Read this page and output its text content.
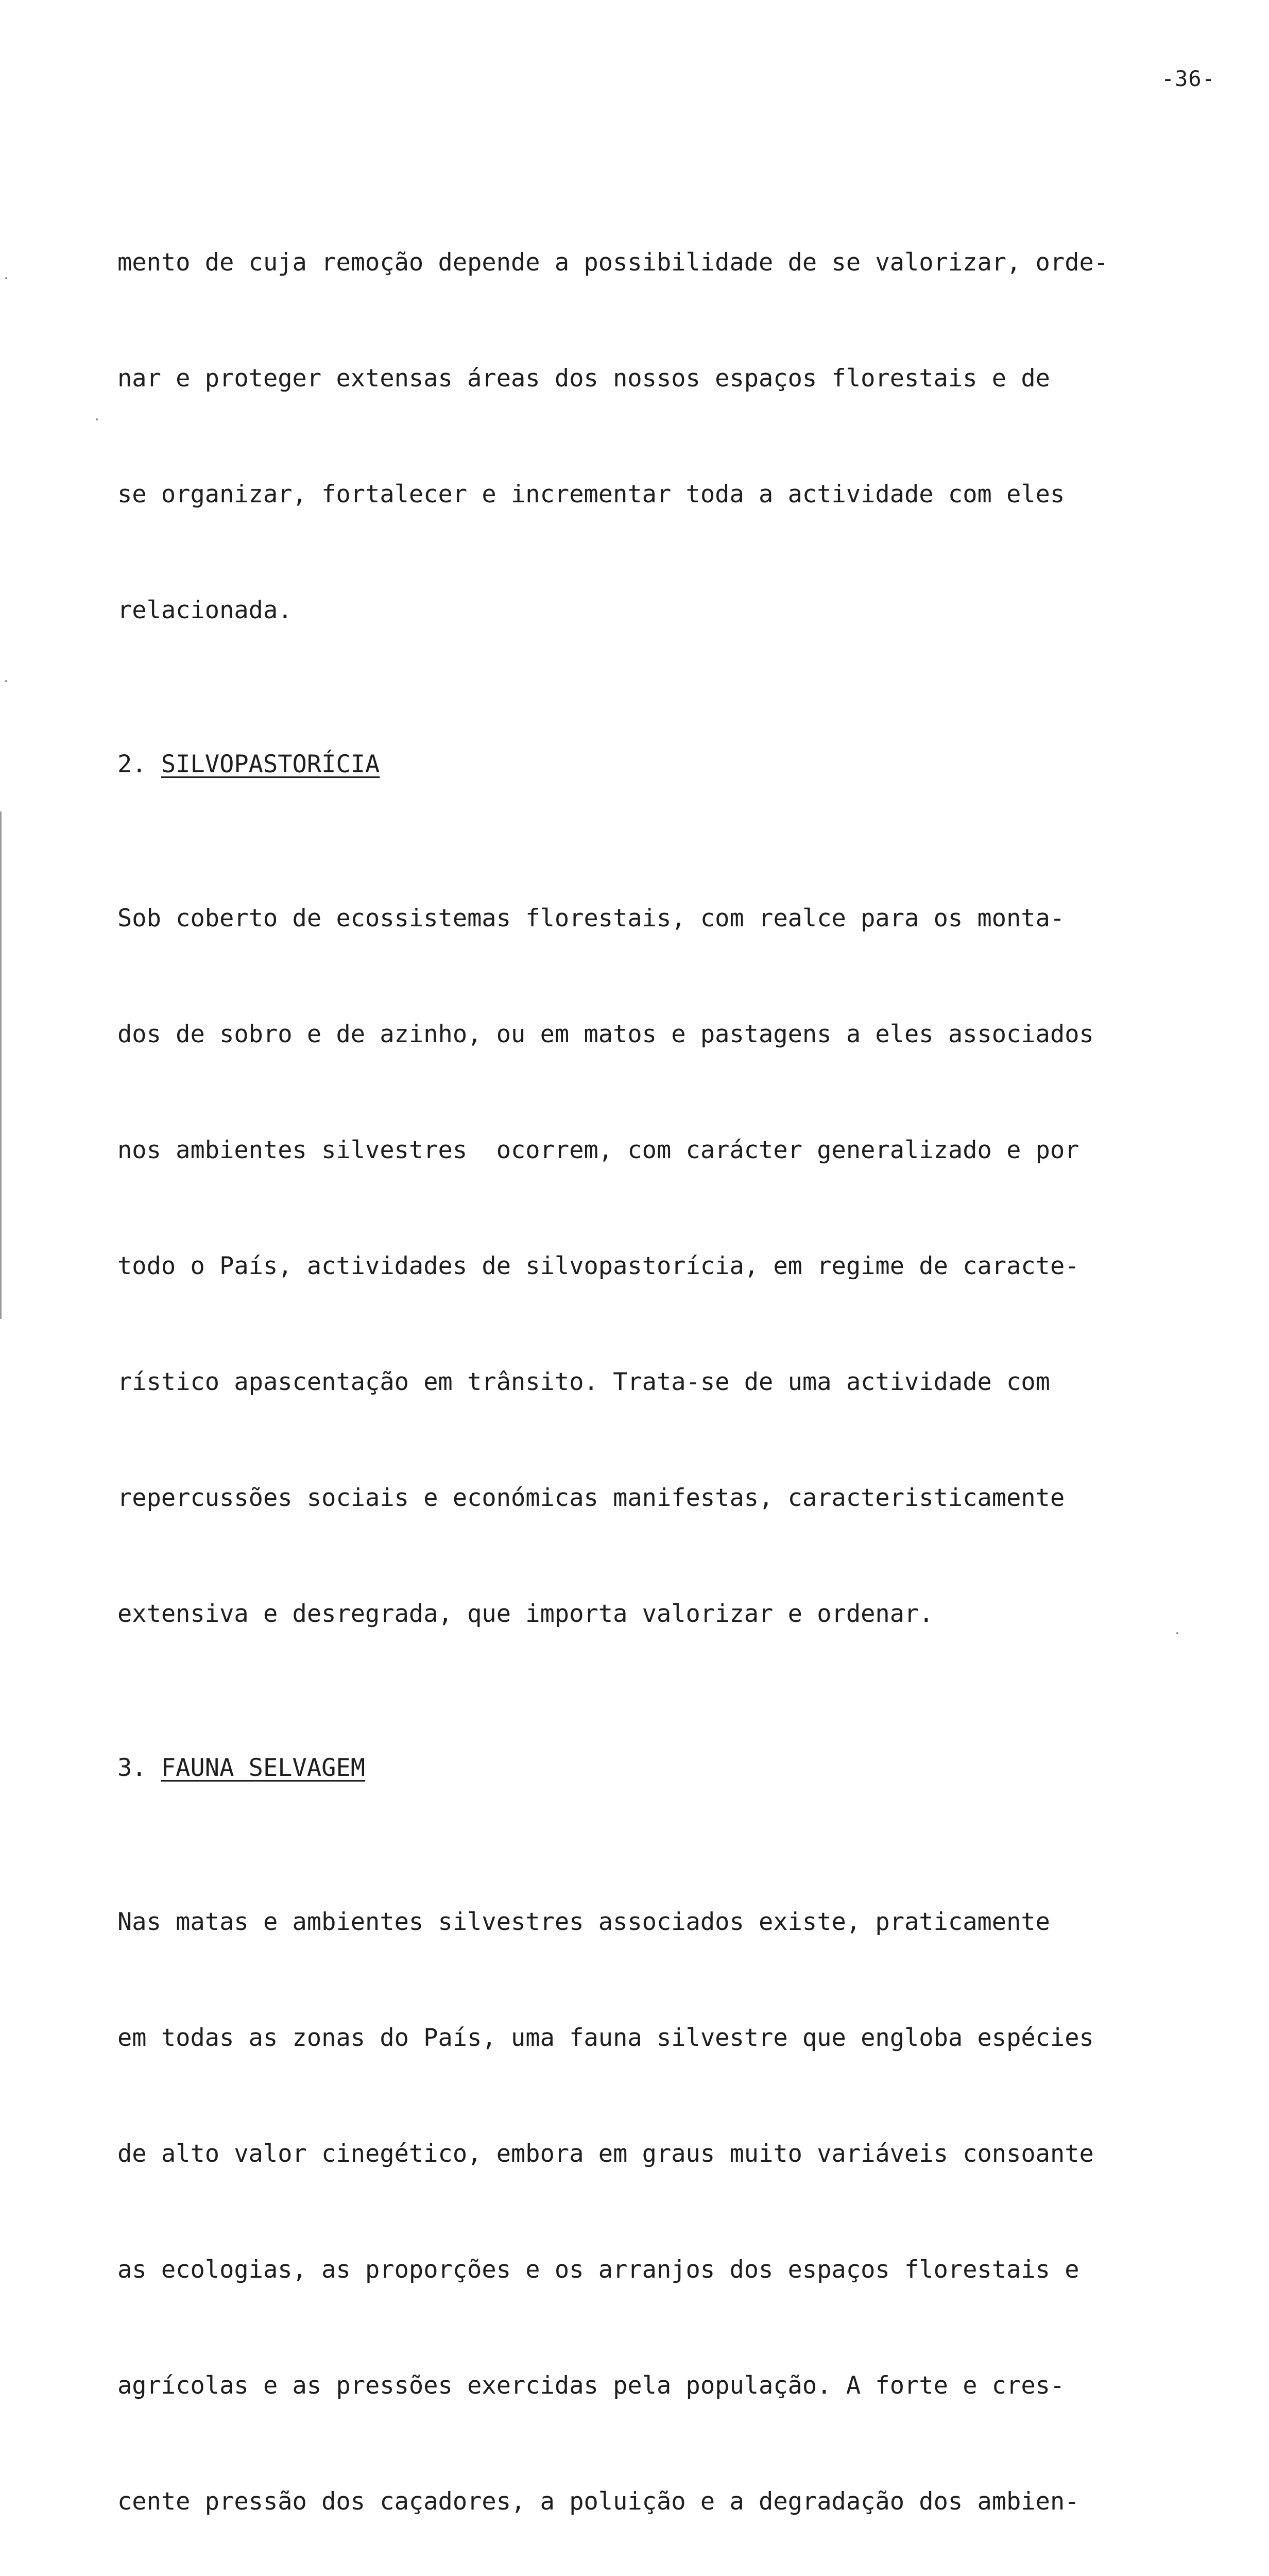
-36-

mento de cuja remoção depende a possibilidade de se valorizar, orde-

nar e proteger extensas áreas dos nossos espaços florestais e de

se organizar, fortalecer e incrementar toda a actividade com eles

relacionada.

2. SILVOPASTORÍCIA

Sob coberto de ecossistemas florestais, com realce para os monta-

dos de sobro e de azinho, ou em matos e pastagens a eles associados

nos ambientes silvestres  ocorrem, com carácter generalizado e por

todo o País, actividades de silvopastorícia, em regime de caracte-

rístico apascentação em trânsito. Trata-se de uma actividade com

repercussões sociais e económicas manifestas, caracteristicamente

extensiva e desregrada, que importa valorizar e ordenar.

3. FAUNA SELVAGEM

Nas matas e ambientes silvestres associados existe, praticamente

em todas as zonas do País, uma fauna silvestre que engloba espécies

de alto valor cinegético, embora em graus muito variáveis consoante

as ecologias, as proporções e os arranjos dos espaços florestais e

agrícolas e as pressões exercidas pela população. A forte e cres-

cente pressão dos caçadores, a poluição e a degradação dos ambien-
